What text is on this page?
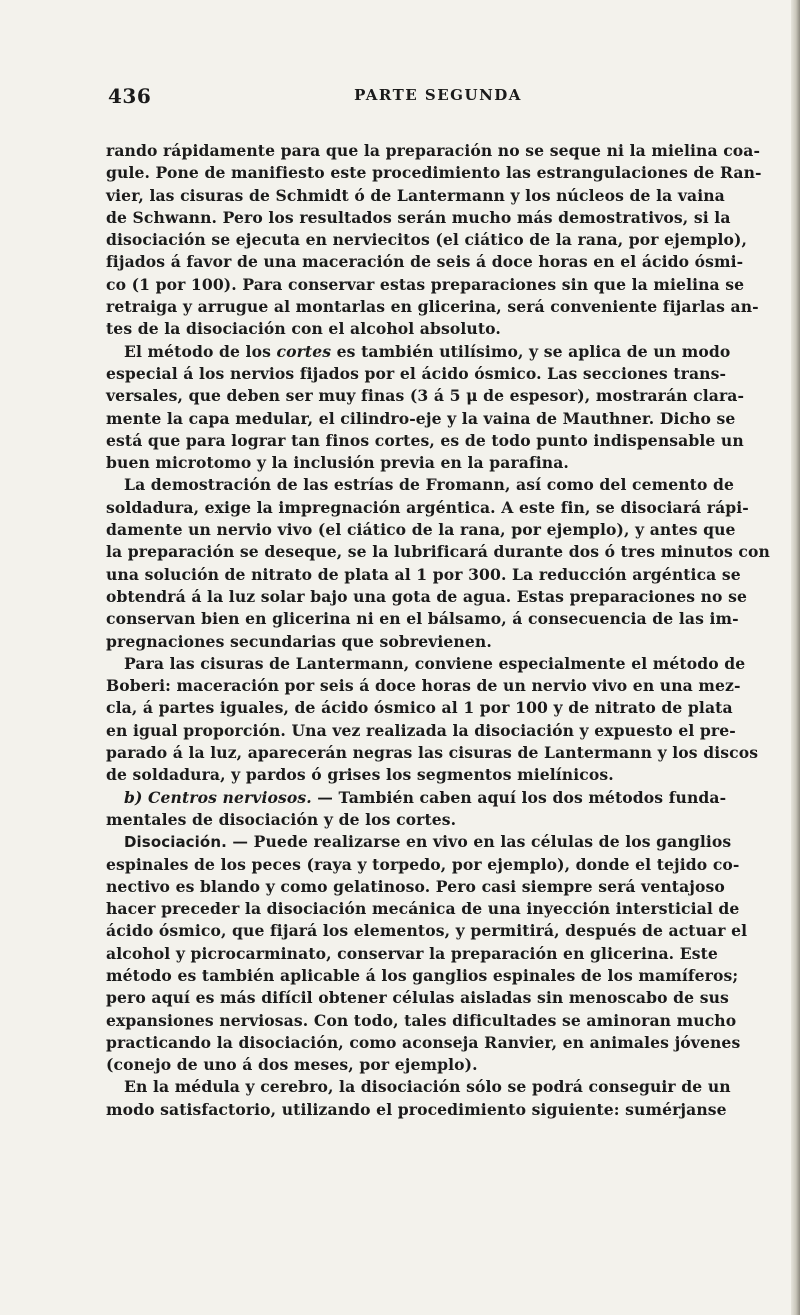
436	PARTE SEGUNDA
rando rápidamente para que la preparación no se seque ni la mielina coa-
gule. Pone de manifiesto este procedimiento las estrangulaciones de Ran-
vier, las cisuras de Schmidt ó de Lantermann y los núcleos de la vaina
de Schwann. Pero los resultados serán mucho más demostrativos, si la
disociación se ejecuta en nerviecitos (el ciático de la rana, por ejemplo),
fijados á favor de una maceración de seis á doce horas en el ácido ósmi-
co (1 por 100). Para conservar estas preparaciones sin que la mielina se
retraiga y arrugue al montarlas en glicerina, será conveniente fijarlas an-
tes de la disociación con el alcohol absoluto.
El método de los cortes es también utilísimo, y se aplica de un modo
especial á los nervios fijados por el ácido ósmico. Las secciones trans-
versales, que deben ser muy finas (3 á 5 μ de espesor), mostrarán clara-
mente la capa medular, el cilindro-eje y la vaina de Mauthner. Dicho se
está que para lograr tan finos cortes, es de todo punto indispensable un
buen microtomo y la inclusión previa en la parafina.
La demostración de las estrías de Fromann, así como del cemento de
soldadura, exige la impregnación argéntica. A este fin, se disociará rápi-
damente un nervio vivo (el ciático de la rana, por ejemplo), y antes que
la preparación se deseque, se la lubrificará durante dos ó tres minutos con
una solución de nitrato de plata al 1 por 300. La reducción argéntica se
obtendrá á la luz solar bajo una gota de agua. Estas preparaciones no se
conservan bien en glicerina ni en el bálsamo, á consecuencia de las im-
pregnaciones secundarias que sobrevienen.
Para las cisuras de Lantermann, conviene especialmente el método de
Boberi: maceración por seis á doce horas de un nervio vivo en una mez-
cla, á partes iguales, de ácido ósmico al 1 por 100 y de nitrato de plata
en igual proporción. Una vez realizada la disociación y expuesto el pre-
parado á la luz, aparecerán negras las cisuras de Lantermann y los discos
de soldadura, y pardos ó grises los segmentos mielínicos.
b) Centros nerviosos. — También caben aquí los dos métodos funda-
mentales de disociación y de los cortes.
Disociación. — Puede realizarse en vivo en las células de los ganglios
espinales de los peces (raya y torpedo, por ejemplo), donde el tejido co-
nectivo es blando y como gelatinoso. Pero casi siempre será ventajoso
hacer preceder la disociación mecánica de una inyección intersticial de
ácido ósmico, que fijará los elementos, y permitirá, después de actuar el
alcohol y picrocarminato, conservar la preparación en glicerina. Este
método es también aplicable á los ganglios espinales de los mamíferos;
pero aquí es más difícil obtener células aisladas sin menoscabo de sus
expansiones nerviosas. Con todo, tales dificultades se aminoran mucho
practicando la disociación, como aconseja Ranvier, en animales jóvenes
(conejo de uno á dos meses, por ejemplo).
En la médula y cerebro, la disociación sólo se podrá conseguir de un
modo satisfactorio, utilizando el procedimiento siguiente: sumérjanse
